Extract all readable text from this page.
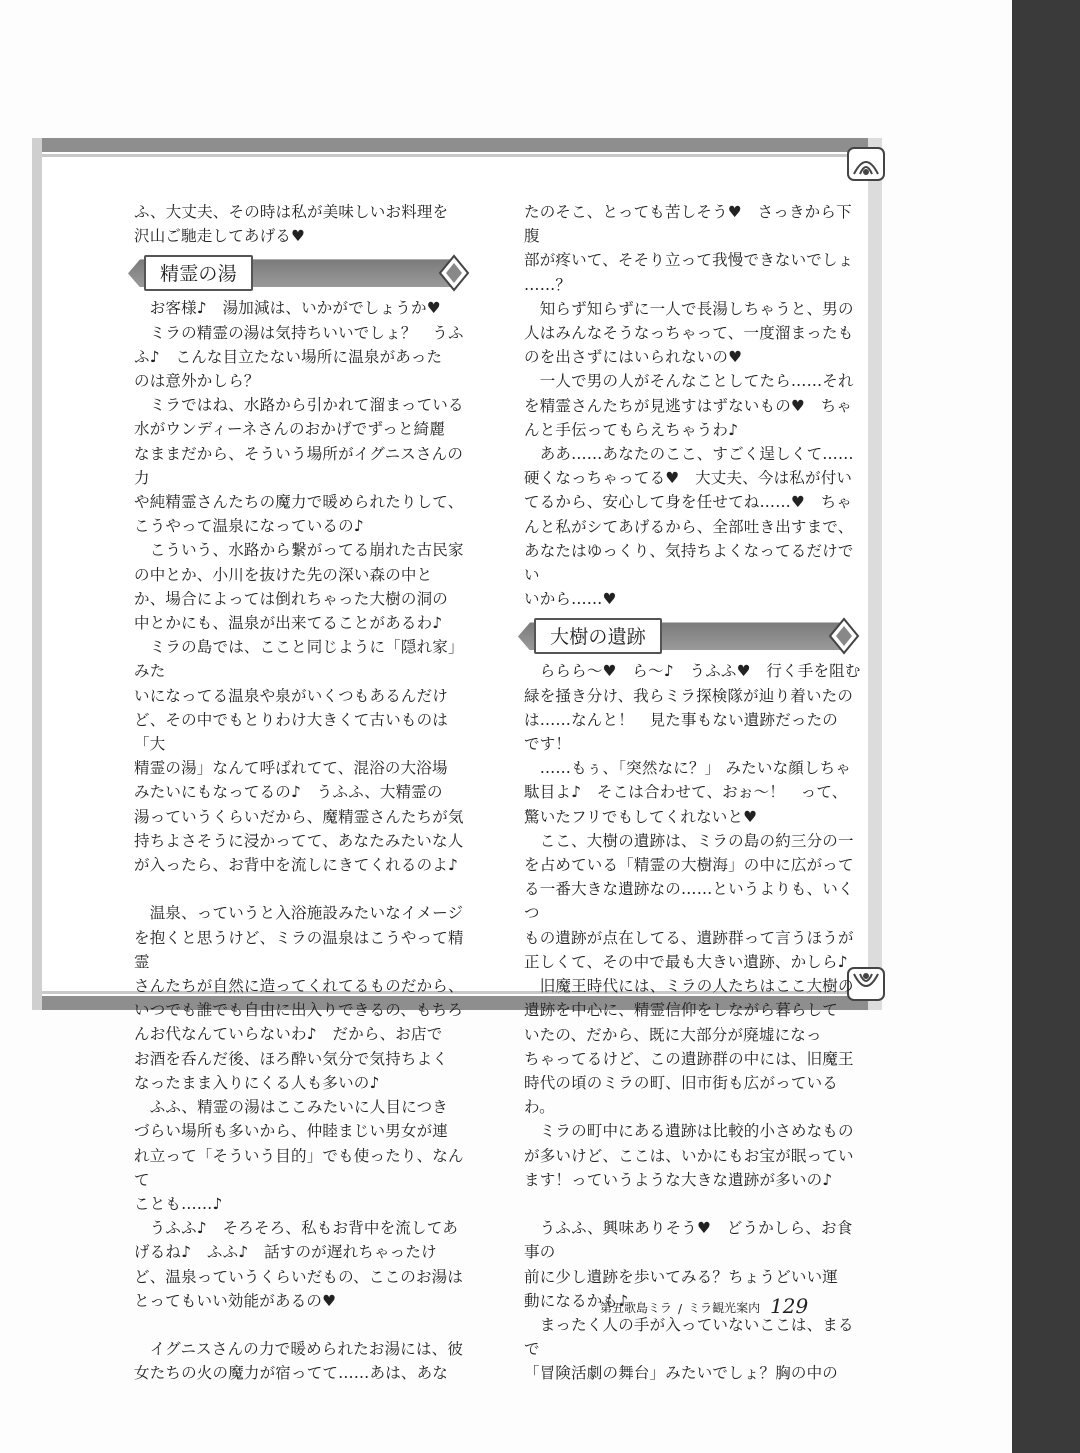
ふ、大丈夫、その時は私が美味しいお料理を
沢山ご馳走してあげる♥

精霊の湯

　お客様♪　湯加減は、いかがでしょうか♥
　ミラの精霊の湯は気持ちいいでしょ？　うふ
ふ♪　こんな目立たない場所に温泉があった
のは意外かしら？
　ミラではね、水路から引かれて溜まっている
水がウンディーネさんのおかげでずっと綺麗
なままだから、そういう場所がイグニスさんの力
や純精霊さんたちの魔力で暖められたりして、
こうやって温泉になっているの♪
　こういう、水路から繋がってる崩れた古民家
の中とか、小川を抜けた先の深い森の中と
か、場合によっては倒れちゃった大樹の洞の
中とかにも、温泉が出来てることがあるわ♪
　ミラの島では、ここと同じように「隠れ家」みた
いになってる温泉や泉がいくつもあるんだけ
ど、その中でもとりわけ大きくて古いものは「大
精霊の湯」なんて呼ばれてて、混浴の大浴場
みたいにもなってるの♪　うふふ、大精霊の
湯っていうくらいだから、魔精霊さんたちが気
持ちよさそうに浸かってて、あなたみたいな人
が入ったら、お背中を流しにきてくれるのよ♪

　温泉、っていうと入浴施設みたいなイメージ
を抱くと思うけど、ミラの温泉はこうやって精霊
さんたちが自然に造ってくれてるものだから、
いつでも誰でも自由に出入りできるの、もちろ
んお代なんていらないわ♪　だから、お店で
お酒を呑んだ後、ほろ酔い気分で気持ちよく
なったまま入りにくる人も多いの♪
　ふふ、精霊の湯はここみたいに人目につき
づらい場所も多いから、仲睦まじい男女が連
れ立って「そういう目的」でも使ったり、なんて
ことも……♪
　うふふ♪　そろそろ、私もお背中を流してあ
げるね♪　ふふ♪　話すのが遅れちゃったけ
ど、温泉っていうくらいだもの、ここのお湯は
とってもいい効能があるの♥

　イグニスさんの力で暖められたお湯には、彼
女たちの火の魔力が宿ってて……あは、あな

たのそこ、とっても苦しそう♥　さっきから下腹
部が疼いて、そそり立って我慢できないでしょ
……？
　知らず知らずに一人で長湯しちゃうと、男の
人はみんなそうなっちゃって、一度溜まったも
のを出さずにはいられないの♥
　一人で男の人がそんなことしてたら……それ
を精霊さんたちが見逃すはずないもの♥　ちゃ
んと手伝ってもらえちゃうわ♪
　ああ……あなたのここ、すごく逞しくて……
硬くなっちゃってる♥　大丈夫、今は私が付い
てるから、安心して身を任せてね……♥　ちゃ
んと私がシてあげるから、全部吐き出すまで、
あなたはゆっくり、気持ちよくなってるだけでい
いから……♥

大樹の遺跡

　ららら～♥　ら～♪　うふふ♥　行く手を阻む
緑を掻き分け、我らミラ探検隊が辿り着いたの
は……なんと！　見た事もない遺跡だったの
です！
　……もぅ、「突然なに？」 みたいな顔しちゃ
駄目よ♪　そこは合わせて、おぉ～！　って、
驚いたフリでもしてくれないと♥
　ここ、大樹の遺跡は、ミラの島の約三分の一
を占めている「精霊の大樹海」の中に広がって
る一番大きな遺跡なの……というよりも、いくつ
もの遺跡が点在してる、遺跡群って言うほうが
正しくて、その中で最も大きい遺跡、かしら♪
　旧魔王時代には、ミラの人たちはここ大樹の
遺跡を中心に、精霊信仰をしながら暮らして
いたの、だから、既に大部分が廃墟になっ
ちゃってるけど、この遺跡群の中には、旧魔王
時代の頃のミラの町、旧市街も広がっている
わ。
　ミラの町中にある遺跡は比較的小さめなもの
が多いけど、ここは、いかにもお宝が眠ってい
ます！っていうような大きな遺跡が多いの♪

　うふふ、興味ありそう♥　どうかしら、お食事の
前に少し遺跡を歩いてみる？ちょうどいい運
動になるかも♪
　まったく人の手が入っていないここは、まるで
「冒険活劇の舞台」みたいでしょ？胸の中の

第五歌島ミラ / ミラ観光案内 129
